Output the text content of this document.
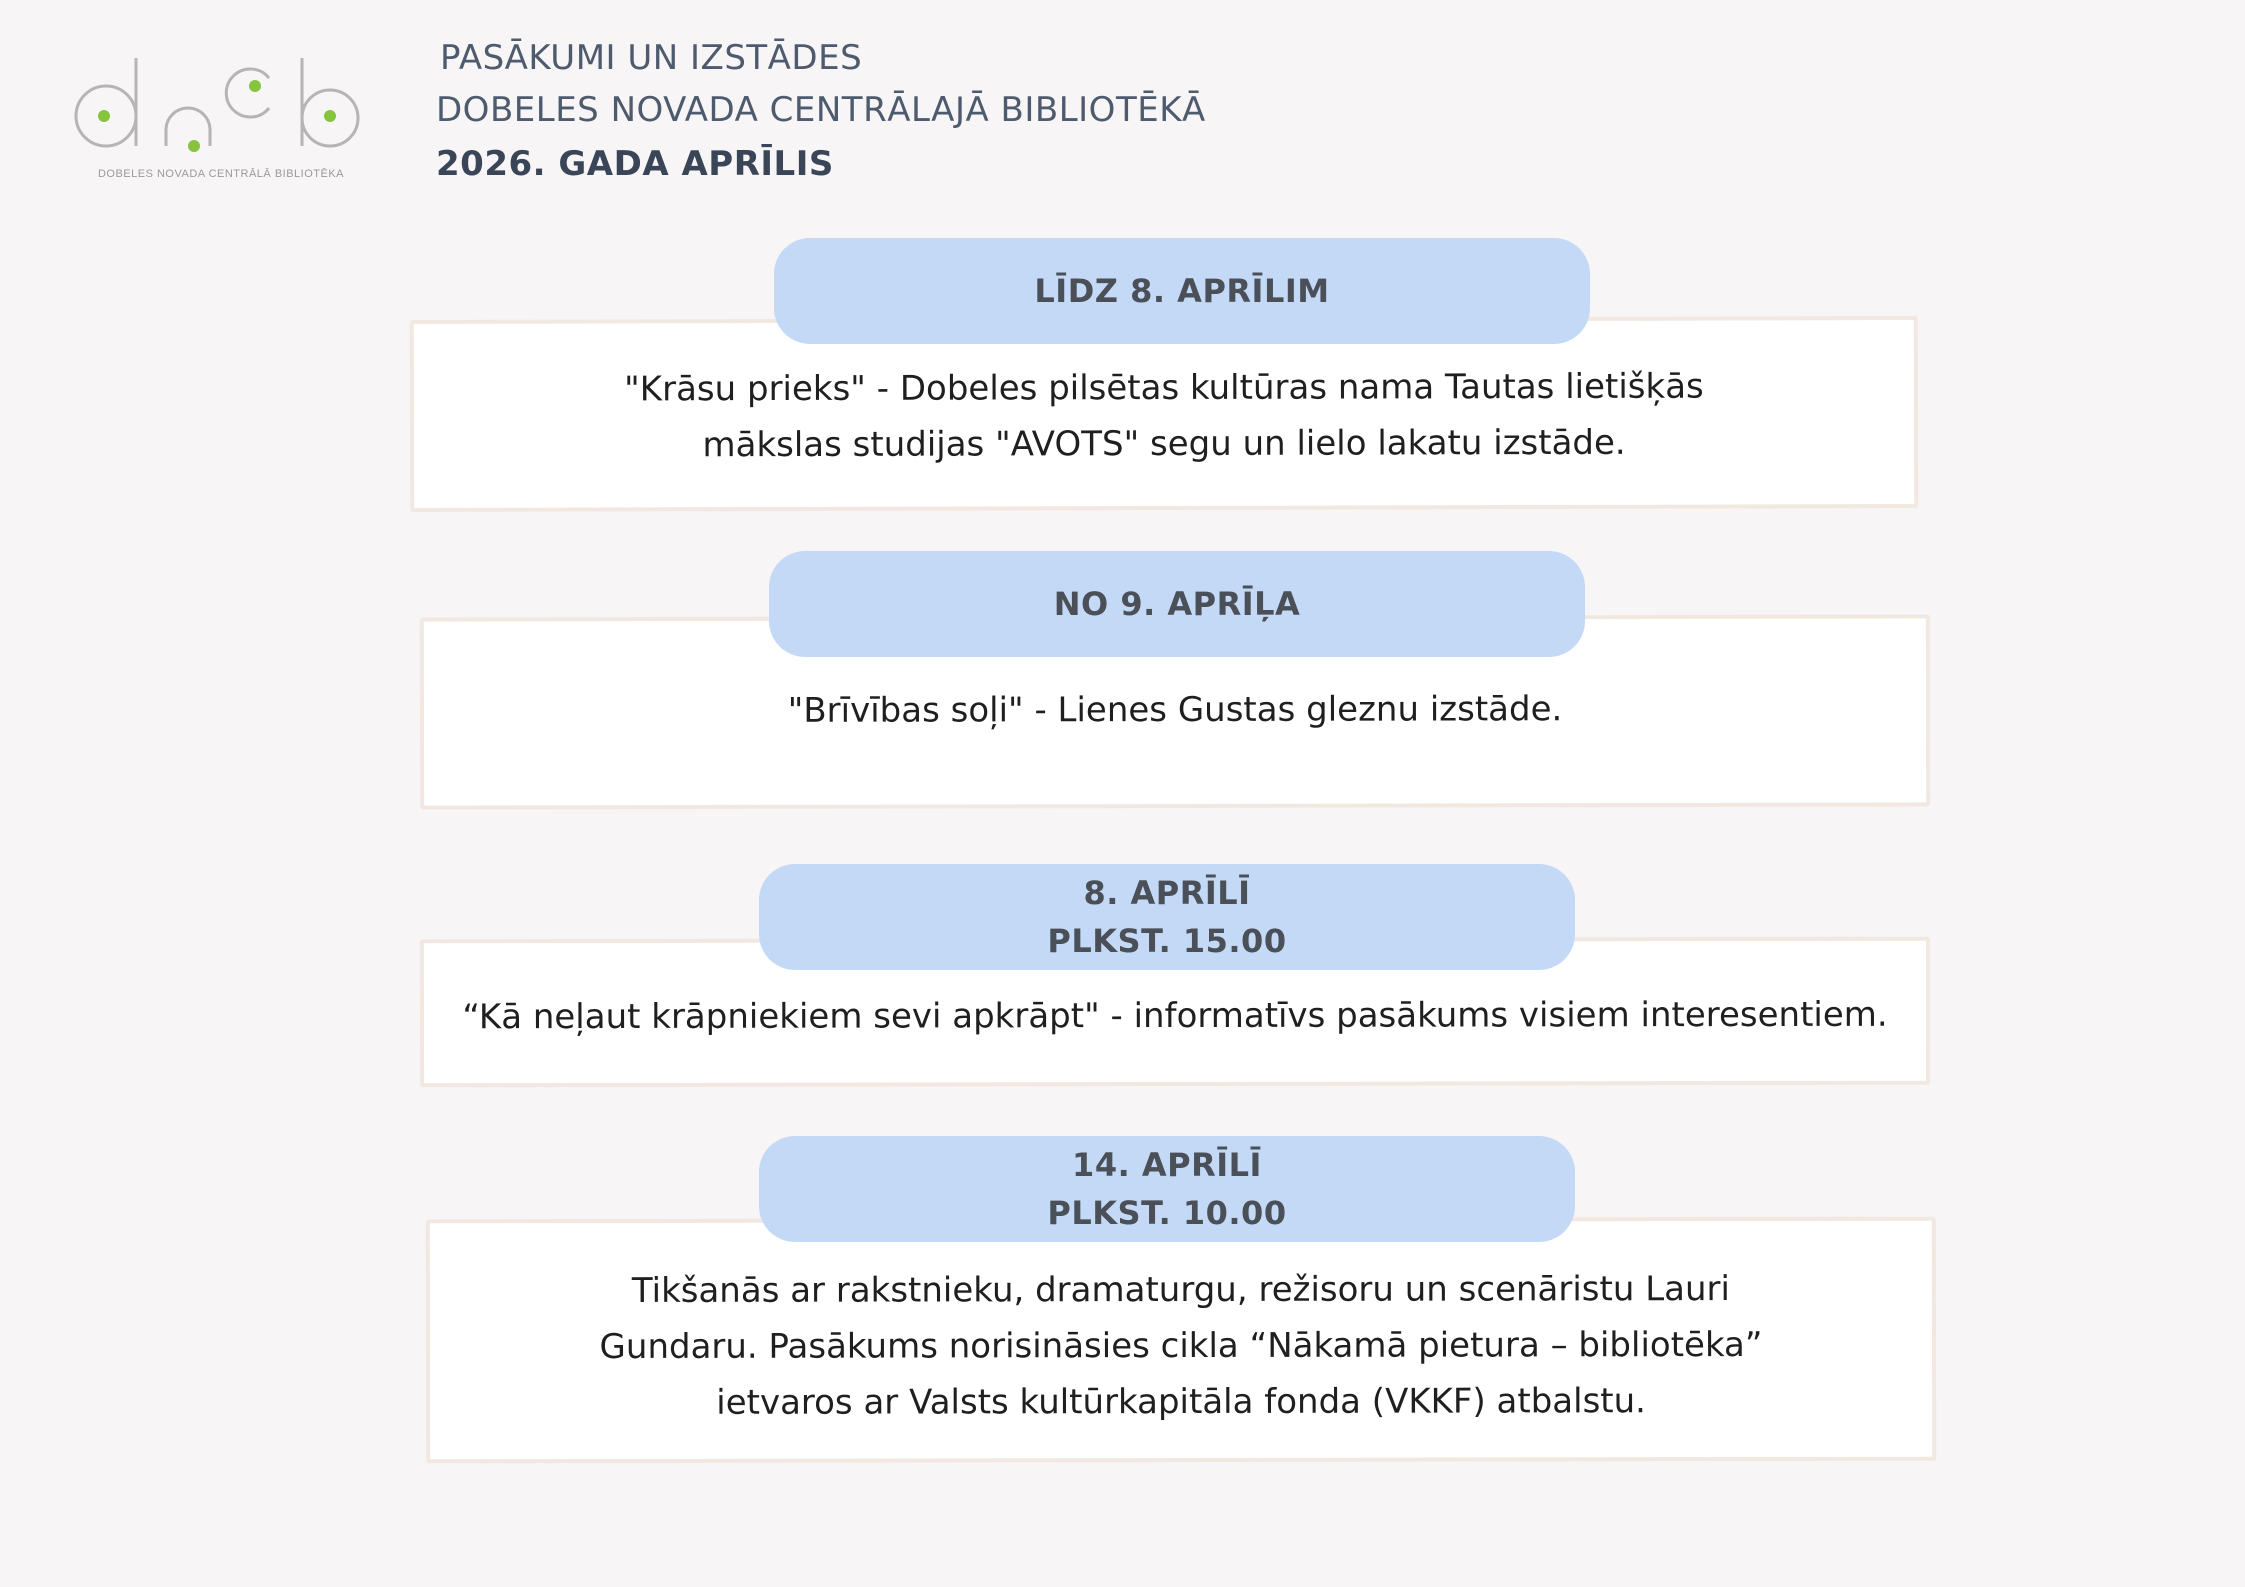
DOBELES NOVADA CENTRĀLĀ BIBLIOTĒKA
PASĀKUMI UN IZSTĀDES
DOBELES NOVADA CENTRĀLAJĀ BIBLIOTĒKĀ
2026. GADA APRĪLIS
"Krāsu prieks" - Dobeles pilsētas kultūras nama Tautas lietišķās
mākslas studijas "AVOTS" segu un lielo lakatu izstāde.
LĪDZ 8. APRĪLIM
"Brīvības soļi" - Lienes Gustas gleznu izstāde.
NO 9. APRĪĻA
“Kā neļaut krāpniekiem sevi apkrāpt" - informatīvs pasākums visiem interesentiem.
8. APRĪLĪ
PLKST. 15.00
Tikšanās ar rakstnieku, dramaturgu, režisoru un scenāristu Lauri
Gundaru. Pasākums norisināsies cikla “Nākamā pietura – bibliotēka”
ietvaros ar Valsts kultūrkapitāla fonda (VKKF) atbalstu.
14. APRĪLĪ
PLKST. 10.00
